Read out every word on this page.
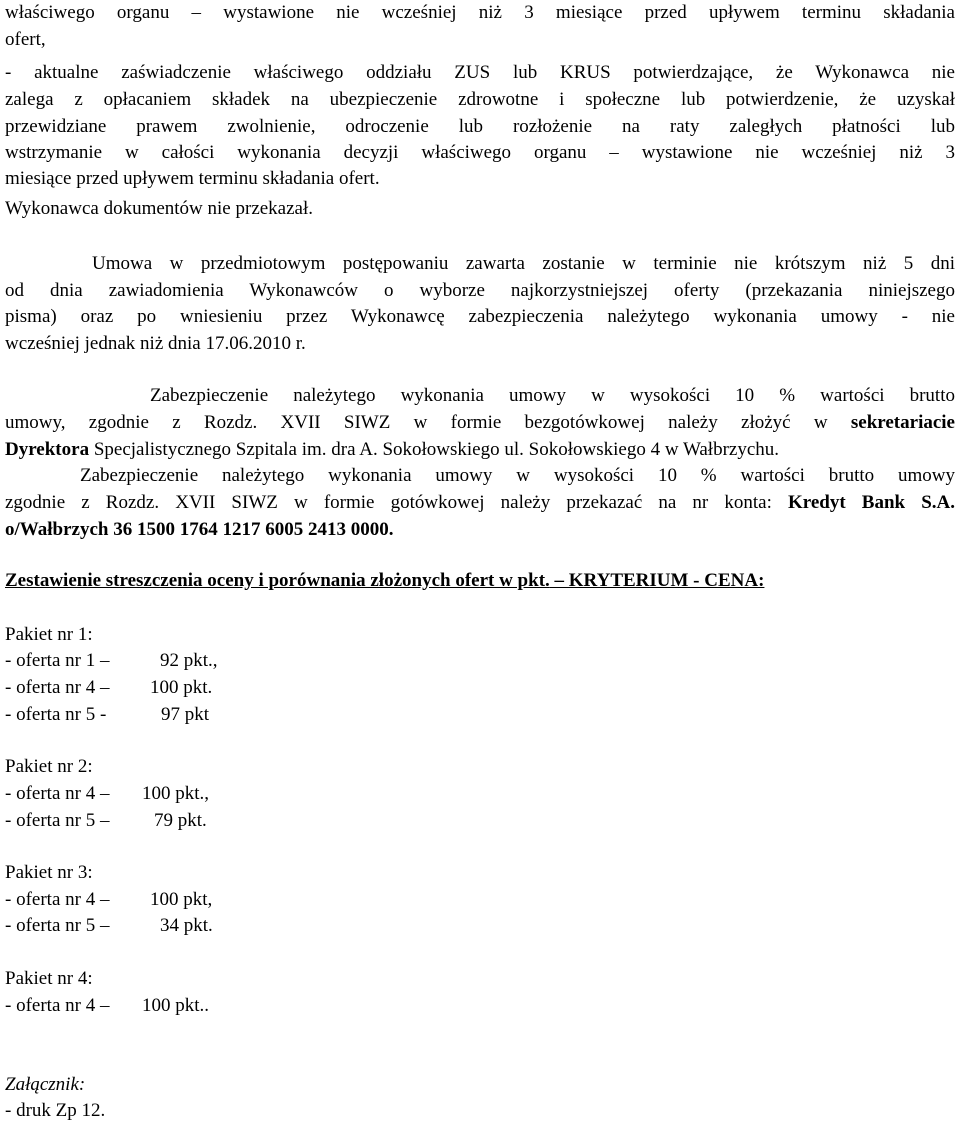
właściwego organu – wystawione nie wcześniej niż 3 miesiące przed upływem terminu składania
ofert,
- aktualne zaświadczenie właściwego oddziału ZUS lub KRUS potwierdzające, że Wykonawca nie
zalega z opłacaniem składek na ubezpieczenie zdrowotne i społeczne lub potwierdzenie, że uzyskał
przewidziane prawem zwolnienie, odroczenie lub rozłożenie na raty zaległych płatności lub
wstrzymanie w całości wykonania decyzji właściwego organu – wystawione nie wcześniej niż 3
miesiące przed upływem terminu składania ofert.
Wykonawca dokumentów nie przekazał.
Umowa w przedmiotowym postępowaniu zawarta zostanie w terminie nie krótszym niż 5 dni
od dnia zawiadomienia Wykonawców o wyborze najkorzystniejszej oferty (przekazania niniejszego
pisma) oraz po wniesieniu przez Wykonawcę zabezpieczenia należytego wykonania umowy - nie
wcześniej jednak niż dnia 17.06.2010 r.
Zabezpieczenie należytego wykonania umowy w wysokości 10 % wartości brutto
umowy, zgodnie z Rozdz. XVII SIWZ w formie bezgotówkowej należy złożyć w sekretariacie
Dyrektora Specjalistycznego Szpitala im. dra A. Sokołowskiego ul. Sokołowskiego 4 w Wałbrzychu.
Zabezpieczenie należytego wykonania umowy w wysokości 10 % wartości brutto umowy
zgodnie z Rozdz. XVII SIWZ w formie gotówkowej należy przekazać na nr konta: Kredyt Bank S.A.
o/Wałbrzych 36 1500 1764 1217 6005 2413 0000.
Zestawienie streszczenia oceny i porównania złożonych ofert w pkt. – KRYTERIUM - CENA:
Pakiet nr 1:
- oferta nr 1 –	92 pkt.,
- oferta nr 4 – 100 pkt.
- oferta nr 5 -	97 pkt
Pakiet nr 2:
- oferta nr 4 – 100 pkt.,
- oferta nr 5 – 79 pkt.
Pakiet nr 3:
- oferta nr 4 – 100 pkt,
- oferta nr 5 –	34 pkt.
Pakiet nr 4:
- oferta nr 4 – 100 pkt..
Załącznik:
- druk Zp 12.
